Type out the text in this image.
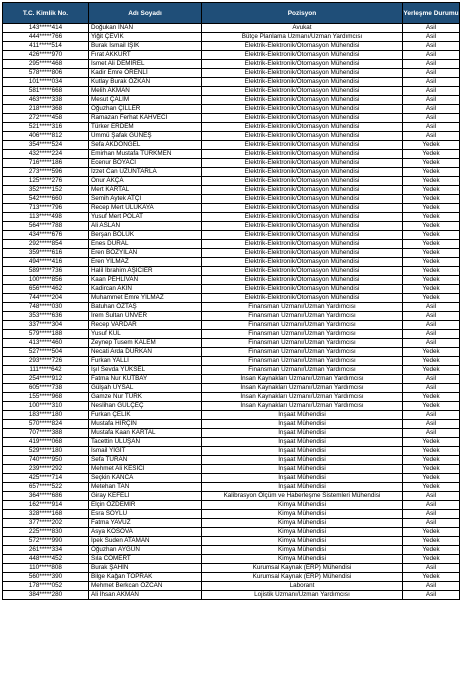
T.C. Kimlik No.	Adı Soyadı	Pozisyon	Yerleşme Durumu
143*****414	Doğukan İNAN	Avukat	Asil
444*****766	Yiğit ÇEVİK	Bütçe Planlama Uzmanı/Uzman Yardımcısı	Asil
411*****514	Burak İsmail IŞIK	Elektrik-Elektronik/Otomasyon Mühendisi	Asil
426*****970	Fırat AKKURT	Elektrik-Elektronik/Otomasyon Mühendisi	Asil
295*****468	İsmet Ali DEMİREL	Elektrik-Elektronik/Otomasyon Mühendisi	Asil
578*****806	Kadir Emre ÖRENLİ	Elektrik-Elektronik/Otomasyon Mühendisi	Asil
101*****034	Kutlay Burak ÖZKAN	Elektrik-Elektronik/Otomasyon Mühendisi	Asil
581*****668	Melih AKMAN	Elektrik-Elektronik/Otomasyon Mühendisi	Asil
463*****338	Mesut ÇALIM	Elektrik-Elektronik/Otomasyon Mühendisi	Asil
218*****368	Oğuzhan ÇİLLER	Elektrik-Elektronik/Otomasyon Mühendisi	Asil
272*****458	Ramazan Ferhat KAHVECİ	Elektrik-Elektronik/Otomasyon Mühendisi	Asil
521*****316	Türker ERDEM	Elektrik-Elektronik/Otomasyon Mühendisi	Asil
406*****812	Ümmü Şafak GÜNEŞ	Elektrik-Elektronik/Otomasyon Mühendisi	Asil
354*****524	Sefa AKDÖNGEL	Elektrik-Elektronik/Otomasyon Mühendisi	Yedek
432*****224	Emirhan Mustafa TÜRKMEN	Elektrik-Elektronik/Otomasyon Mühendisi	Yedek
716*****186	Ecenur BOYACI	Elektrik-Elektronik/Otomasyon Mühendisi	Yedek
273*****596	İzzet Can UZUNTARLA	Elektrik-Elektronik/Otomasyon Mühendisi	Yedek
125*****276	Onur AKÇA	Elektrik-Elektronik/Otomasyon Mühendisi	Yedek
352*****152	Mert KARTAL	Elektrik-Elektronik/Otomasyon Mühendisi	Yedek
542*****660	Semih Aytek ATÇI	Elektrik-Elektronik/Otomasyon Mühendisi	Yedek
713*****796	Recep Mert ULUKAYA	Elektrik-Elektronik/Otomasyon Mühendisi	Yedek
113*****498	Yusuf Mert POLAT	Elektrik-Elektronik/Otomasyon Mühendisi	Yedek
564*****788	Ali ASLAN	Elektrik-Elektronik/Otomasyon Mühendisi	Yedek
434*****676	Berşan BÖLÜK	Elektrik-Elektronik/Otomasyon Mühendisi	Yedek
292*****854	Enes DURAL	Elektrik-Elektronik/Otomasyon Mühendisi	Yedek
359*****616	Eren BOZYILAN	Elektrik-Elektronik/Otomasyon Mühendisi	Yedek
494*****416	Eren YILMAZ	Elektrik-Elektronik/Otomasyon Mühendisi	Yedek
589*****736	Halil İbrahim AŞICIER	Elektrik-Elektronik/Otomasyon Mühendisi	Yedek
100*****856	Kaan PEHLİVAN	Elektrik-Elektronik/Otomasyon Mühendisi	Yedek
656*****462	Kadircan AKIN	Elektrik-Elektronik/Otomasyon Mühendisi	Yedek
744*****204	Muhammet Emre YILMAZ	Elektrik-Elektronik/Otomasyon Mühendisi	Yedek
748*****030	Batuhan ÖZTAŞ	Finansman Uzmanı/Uzman Yardımcısı	Asil
353*****636	İrem Sultan ÜNVER	Finansman Uzmanı/Uzman Yardımcısı	Asil
337*****304	Recep VARDAR	Finansman Uzmanı/Uzman Yardımcısı	Asil
579*****188	Yusuf KUL	Finansman Uzmanı/Uzman Yardımcısı	Asil
413*****460	Zeynep Tusem KALEM	Finansman Uzmanı/Uzman Yardımcısı	Asil
527*****504	Necati Arda DURKAN	Finansman Uzmanı/Uzman Yardımcısı	Yedek
293*****726	Furkan YALLI	Finansman Uzmanı/Uzman Yardımcısı	Yedek
111*****642	Işıl Sevda YÜKSEL	Finansman Uzmanı/Uzman Yardımcısı	Yedek
254*****912	Fatma Nur KUTBAY	İnsan Kaynakları Uzmanı/Uzman Yardımcısı	Asil
605*****738	Gülşah UYSAL	İnsan Kaynakları Uzmanı/Uzman Yardımcısı	Asil
155*****968	Gamze Nur TÜRK	İnsan Kaynakları Uzmanı/Uzman Yardımcısı	Yedek
100*****310	Neslihan GÜLÇEÇ	İnsan Kaynakları Uzmanı/Uzman Yardımcısı	Yedek
183*****180	Furkan ÇELİK	İnşaat Mühendisi	Asil
570*****824	Mustafa HIRÇIN	İnşaat Mühendisi	Asil
707*****388	Mustafa Kaan KARTAL	İnşaat Mühendisi	Asil
419*****068	Tacettin ULUŞAN	İnşaat Mühendisi	Yedek
529*****180	İsmail YİĞİT	İnşaat Mühendisi	Yedek
740*****950	Sefa TURAN	İnşaat Mühendisi	Yedek
239*****292	Mehmet Ali KESİCİ	İnşaat Mühendisi	Yedek
425*****714	Seçkin KANCA	İnşaat Mühendisi	Yedek
657*****522	Metehan TAN	İnşaat Mühendisi	Yedek
364*****686	Giray KEFELİ	Kalibrasyon Ölçüm ve Haberleşme Sistemleri Mühendisi	Asil
162*****914	Elçin ÖZDEMİR	Kimya Mühendisi	Asil
328*****168	Esra SOYLU	Kimya Mühendisi	Asil
377*****202	Fatma YAVUZ	Kimya Mühendisi	Asil
225*****830	Asya KOSOVA	Kimya Mühendisi	Yedek
572*****990	İpek Suden ATAMAN	Kimya Mühendisi	Yedek
261*****334	Oğuzhan AYGÜN	Kimya Mühendisi	Yedek
448*****452	Sıla CÖMERT	Kimya Mühendisi	Yedek
110*****808	Burak ŞAHİN	Kurumsal Kaynak (ERP) Mühendisi	Asil
560*****390	Bilge Kağan TOPRAK	Kurumsal Kaynak (ERP) Mühendisi	Yedek
178*****052	Mehmet Berkcan ÖZCAN	Laborant	Asil
384*****280	Ali İhsan AKMAN	Lojistik Uzmanı/Uzman Yardımcısı	Asil
